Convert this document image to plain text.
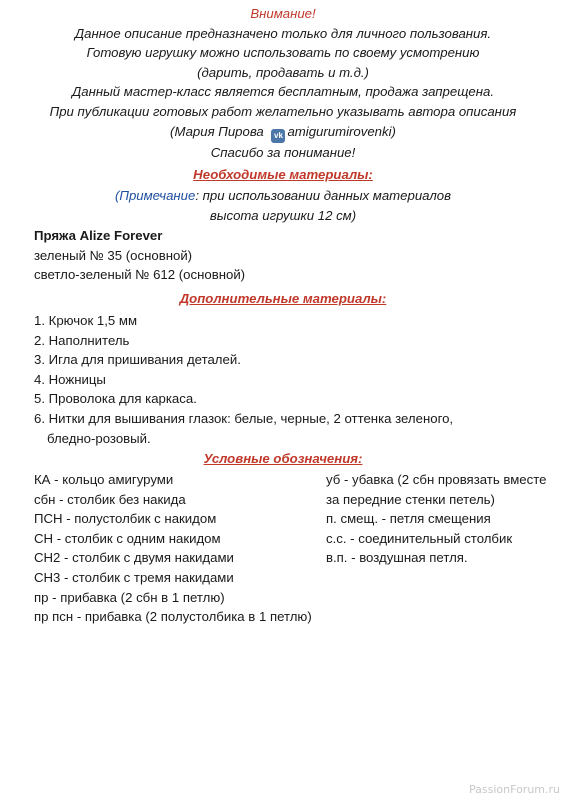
Внимание!
Данное описание предназначено только для личного пользования.
Готовую игрушку можно использовать по своему усмотрению
(дарить, продавать и т.д.)
Данный мастер-класс является бесплатным, продажа запрещена.
При публикации готовых работ желательно указывать автора описания
(Мария Пирова vk amigurumirovenki)
Спасибо за понимание!
Необходимые материалы:
(Примечание: при использовании данных материалов
высота игрушки 12 см)
Пряжа Alize Forever
зеленый № 35 (основной)
светло-зеленый № 612 (основной)
Дополнительные материалы:
1. Крючок 1,5 мм
2. Наполнитель
3. Игла для пришивания деталей.
4. Ножницы
5. Проволока для каркаса.
6. Нитки для вышивания глазок: белые, черные, 2 оттенка зеленого,
бледно-розовый.
Условные обозначения:
КА - кольцо амигуруми
сбн - столбик без накида
ПСН - полустолбик с накидом
СН - столбик с одним накидом
СН2 - столбик с двумя накидами
СН3 - столбик с тремя накидами
пр - прибавка (2 сбн в 1 петлю)
пр псн - прибавка (2 полустолбика в 1 петлю)
уб - убавка (2 сбн провязать вместе
за передние стенки петель)
п. смещ. - петля смещения
с.с. - соединительный столбик
в.п. - воздушная петля.
PassionForum.ru
